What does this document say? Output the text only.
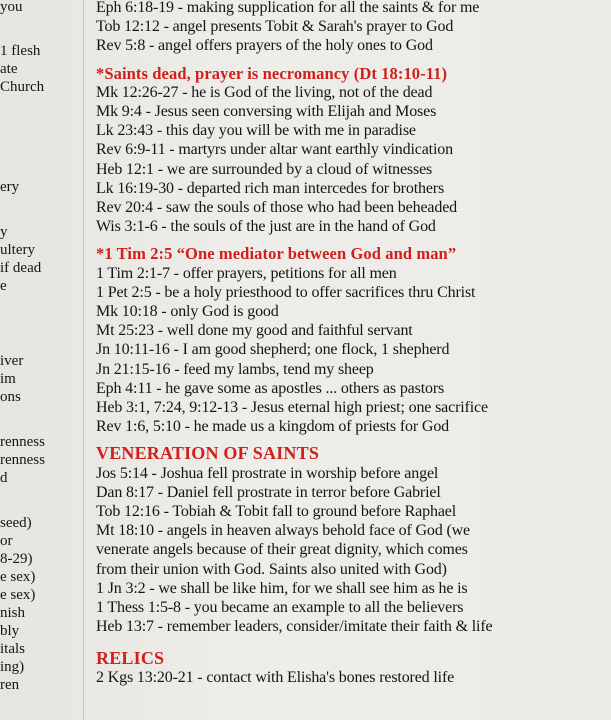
you
1 flesh
ate
Church
ery
y
ultery
if dead
e
iver
im
ons
renness
renness
d
seed)
or
8-29)
e sex)
e sex)
nish
bly
itals
ing)
ren
Eph 6:18-19 - making supplication for all the saints & for me
Tob 12:12 - angel presents Tobit & Sarah's prayer to God
Rev 5:8 - angel offers prayers of the holy ones to God
*Saints dead, prayer is necromancy (Dt 18:10-11)
Mk 12:26-27 - he is God of the living, not of the dead
Mk 9:4 - Jesus seen conversing with Elijah and Moses
Lk 23:43 - this day you will be with me in paradise
Rev 6:9-11 - martyrs under altar want earthly vindication
Heb 12:1 - we are surrounded by a cloud of witnesses
Lk 16:19-30 - departed rich man intercedes for brothers
Rev 20:4 - saw the souls of those who had been beheaded
Wis 3:1-6 - the souls of the just are in the hand of God
*1 Tim 2:5 “One mediator between God and man”
1 Tim 2:1-7 - offer prayers, petitions for all men
1 Pet 2:5 - be a holy priesthood to offer sacrifices thru Christ
Mk 10:18 - only God is good
Mt 25:23 - well done my good and faithful servant
Jn 10:11-16 - I am good shepherd; one flock, 1 shepherd
Jn 21:15-16 - feed my lambs, tend my sheep
Eph 4:11 - he gave some as apostles ... others as pastors
Heb 3:1, 7:24, 9:12-13 - Jesus eternal high priest; one sacrifice
Rev 1:6, 5:10 - he made us a kingdom of priests for God
VENERATION OF SAINTS
Jos 5:14 - Joshua fell prostrate in worship before angel
Dan 8:17 - Daniel fell prostrate in terror before Gabriel
Tob 12:16 - Tobiah & Tobit fall to ground before Raphael
Mt 18:10 - angels in heaven always behold face of God (we
venerate angels because of their great dignity, which comes
from their union with God. Saints also united with God)
1 Jn 3:2 - we shall be like him, for we shall see him as he is
1 Thess 1:5-8 - you became an example to all the believers
Heb 13:7 - remember leaders, consider/imitate their faith & life
RELICS
2 Kgs 13:20-21 - contact with Elisha's bones restored life
